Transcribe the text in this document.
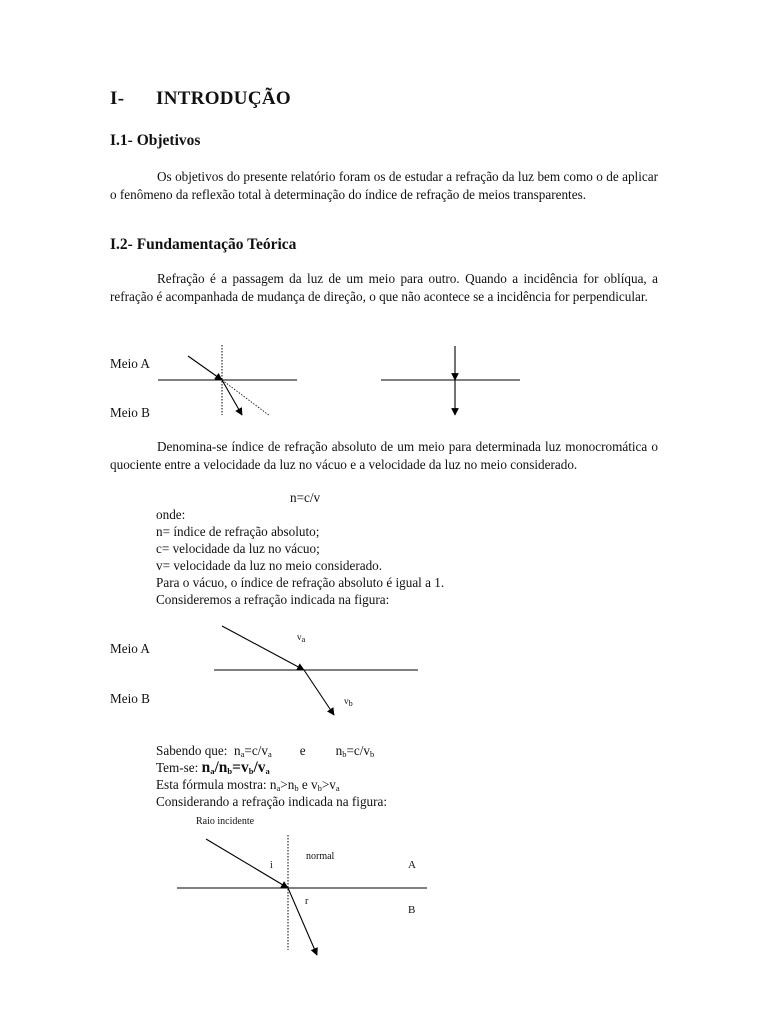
I- INTRODUÇÃO
I.1- Objetivos
Os objetivos do presente relatório foram os de estudar a refração da luz bem como o de aplicar o fenômeno da reflexão total à determinação do índice de refração de meios transparentes.
I.2- Fundamentação Teórica
Refração é a passagem da luz de um meio para outro. Quando a incidência for oblíqua, a refração é acompanhada de mudança de direção, o que não acontece se a incidência for perpendicular.
Meio A
Meio B
Denomina-se índice de refração absoluto de um meio para determinada luz monocromática o quociente entre a velocidade da luz no vácuo e a velocidade da luz no meio considerado.
n=c/v
onde:
n= índice de refração absoluto;
c= velocidade da luz no vácuo;
v= velocidade da luz no meio considerado.
Para o vácuo, o índice de refração absoluto é igual a 1.
Consideremos a refração indicada na figura:
Meio A
Meio B
$v_a$
$v_b$
Sabendo que: $n_a=c/v_a$ e $n_b=c/v_b$
Tem-se: $n_a/n_b=v_b/v_a$
Esta fórmula mostra: $n_a>n_b$ e $v_b>v_a$
Considerando a refração indicada na figura:
Raio incidente
i
normal
A
r
B
